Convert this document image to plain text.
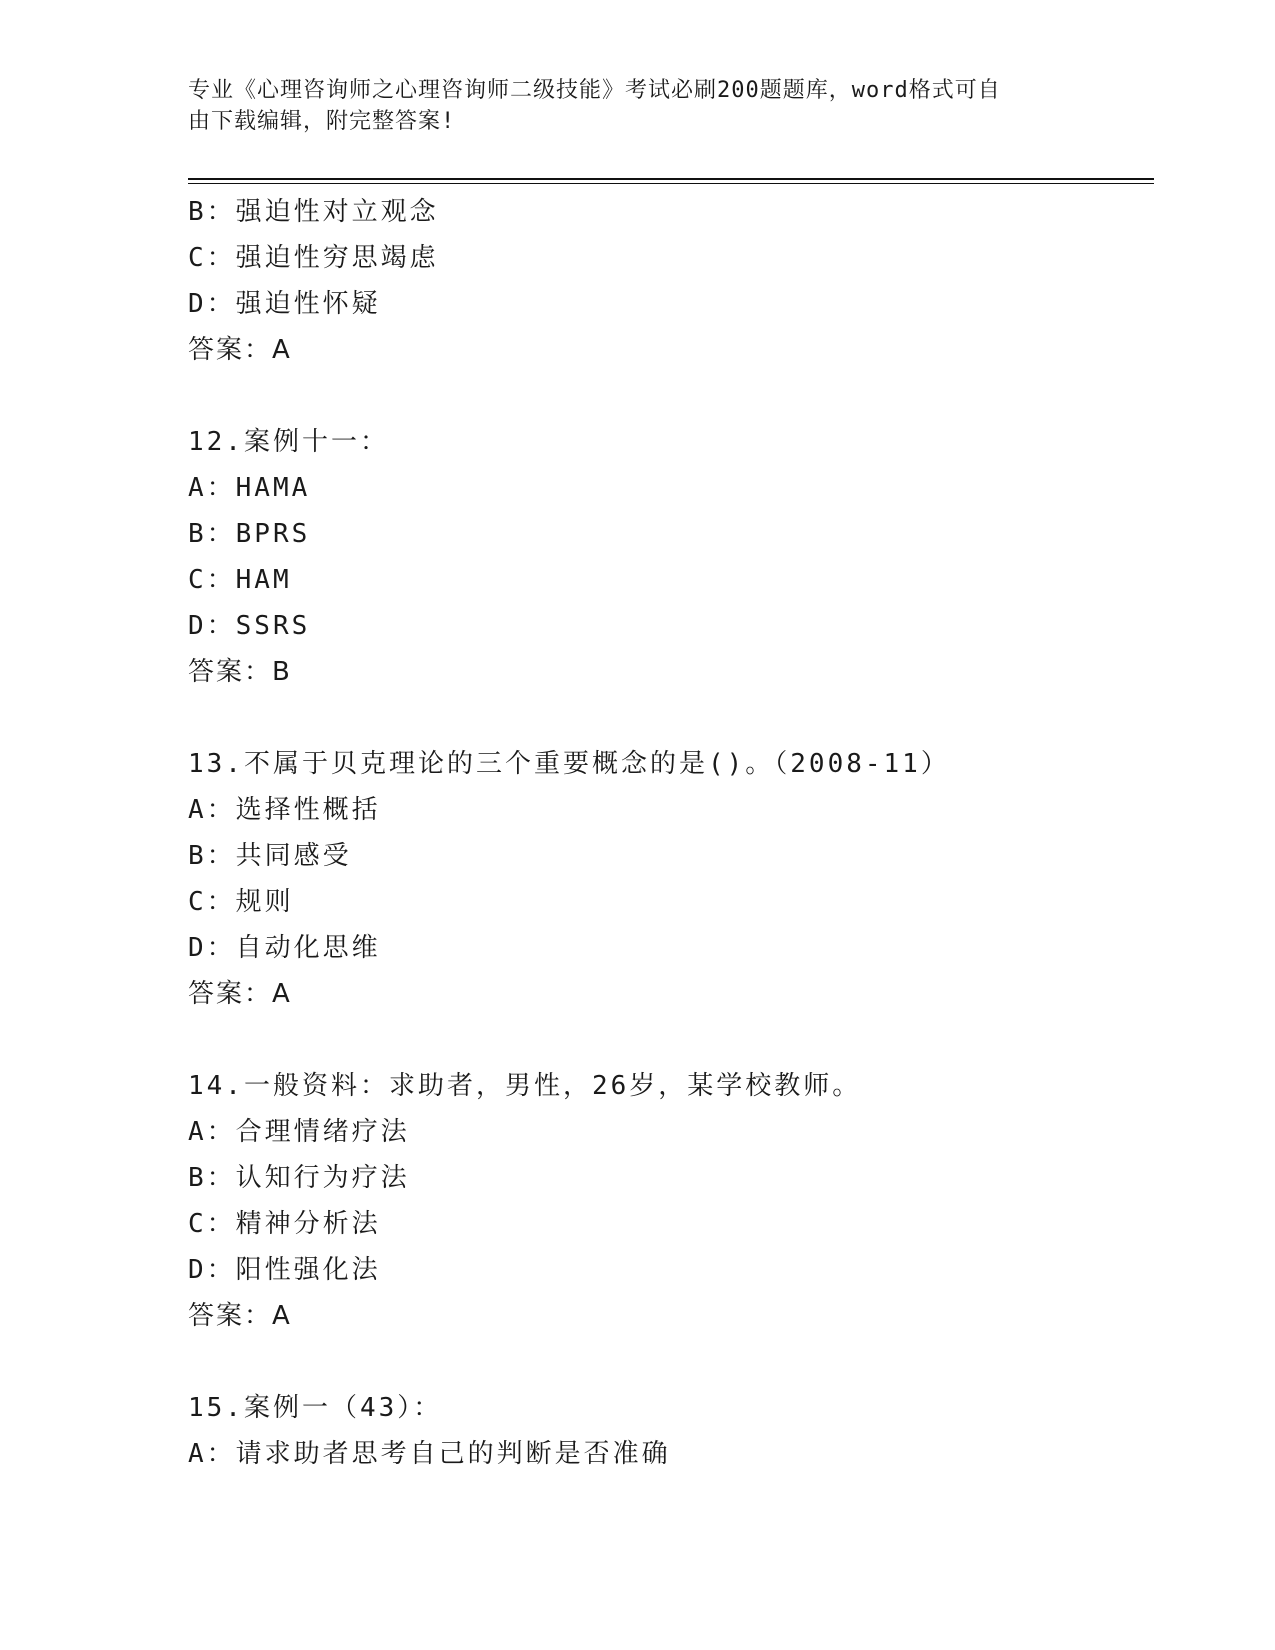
专业《心理咨询师之心理咨询师二级技能》考试必刷200题题库，word格式可自
由下载编辑，附完整答案!
B：强迫性对立观念
C：强迫性穷思竭虑
D：强迫性怀疑
答案：A
12.案例十一：
A：HAMA
B：BPRS
C：HAM
D：SSRS
答案：B
13.不属于贝克理论的三个重要概念的是()。（2008-11）
A：选择性概括
B：共同感受
C：规则
D：自动化思维
答案：A
14.一般资料：求助者，男性，26岁，某学校教师。
A：合理情绪疗法
B：认知行为疗法
C：精神分析法
D：阳性强化法
答案：A
15.案例一（43）：
A：请求助者思考自己的判断是否准确
